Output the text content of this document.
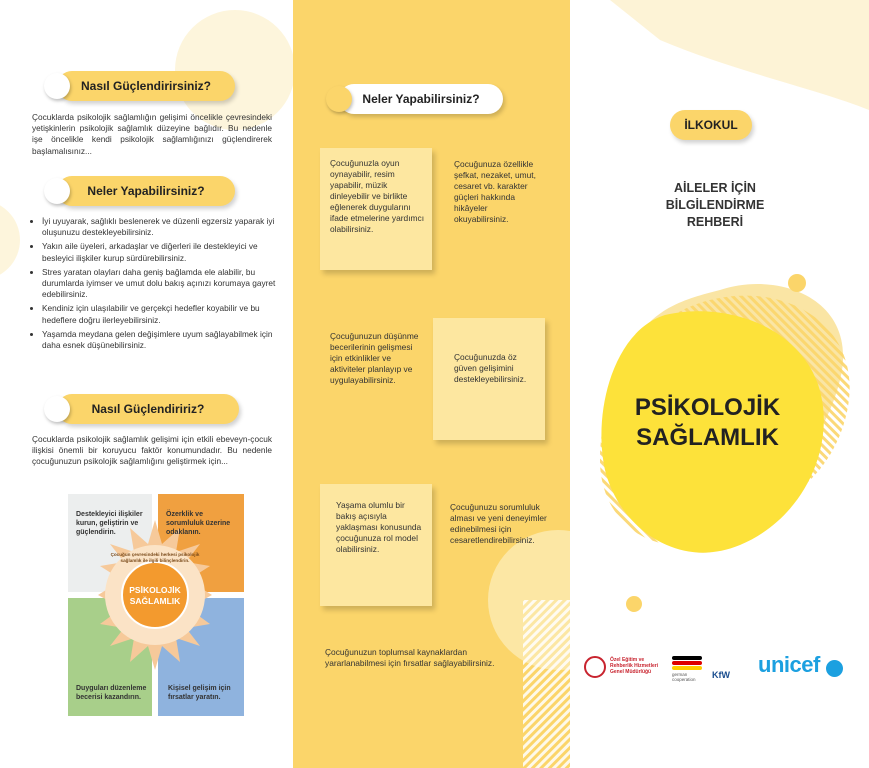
Nasıl Güçlendirirsiniz?
Çocuklarda psikolojik sağlamlığın gelişimi öncelikle çevresindeki yetişkinlerin psikolojik sağlamlık düzeyine bağlıdır. Bu nedenle işe öncelikle kendi psikolojik sağlamlığınızı güçlendirerek başlamalısınız...
Neler Yapabilirsiniz?
• İyi uyuyarak, sağlıklı beslenerek ve düzenli egzersiz yaparak iyi oluşunuzu destekleyebilirsiniz.
• Yakın aile üyeleri, arkadaşlar ve diğerleri ile destekleyici ve besleyici ilişkiler kurup sürdürebilirsiniz.
• Stres yaratan olayları daha geniş bağlamda ele alabilir, bu durumlarda iyimser ve umut dolu bakış açınızı korumaya gayret edebilirsiniz.
• Kendiniz için ulaşılabilir ve gerçekçi hedefler koyabilir ve bu hedeflere doğru ilerleyebilirsiniz.
• Yaşamda meydana gelen değişimlere uyum sağlayabilmek için daha esnek düşünebilirsiniz.
Nasıl Güçlendiririz?
Çocuklarda psikolojik sağlamlık gelişimi için etkili ebeveyn-çocuk ilişkisi önemli bir koruyucu faktör konumundadır. Bu nedenle çocuğunuzun psikolojik sağlamlığını geliştirmek için...
Destekleyici ilişkiler kurun, geliştirin ve güçlendirin.
Özerklik ve sorumluluk üzerine odaklanın.
Duyguları düzenleme becerisi kazandırın.
Kişisel gelişim için fırsatlar yaratın.
PSİKOLOJİK
SAĞLAMLIK
Çocuğun çevresindeki herkesi psikolojik sağlamlık ile ilgili bilinçlendirin.
Neler Yapabilirsiniz?
Çocuğunuzla oyun oynayabilir, resim yapabilir, müzik dinleyebilir ve birlikte eğlenerek duygularını ifade etmelerine yardımcı olabilirsiniz.
Çocuğunuza özellikle şefkat, nezaket, umut, cesaret vb. karakter güçleri hakkında hikâyeler okuyabilirsiniz.
Çocuğunuzun düşünme becerilerinin gelişmesi için etkinlikler ve aktiviteler planlayıp ve uygulayabilirsiniz.
Çocuğunuzda öz güven gelişimini destekleyebilirsiniz.
Yaşama olumlu bir bakış açısıyla yaklaşması konusunda çocuğunuza rol model olabilirsiniz.
Çocuğunuzu sorumluluk alması ve yeni deneyimler edinebilmesi için cesaretlendirebilirsiniz.
Çocuğunuzun toplumsal kaynaklardan yararlanabilmesi için fırsatlar sağlayabilirsiniz.
İLKOKUL
AİLELER İÇİN
BİLGİLENDİRME
REHBERİ
PSİKOLOJİK
SAĞLAMLIK
Özel Eğitim ve
Rehberlik Hizmetleri
Genel Müdürlüğü	german cooperation	KfW unicef
